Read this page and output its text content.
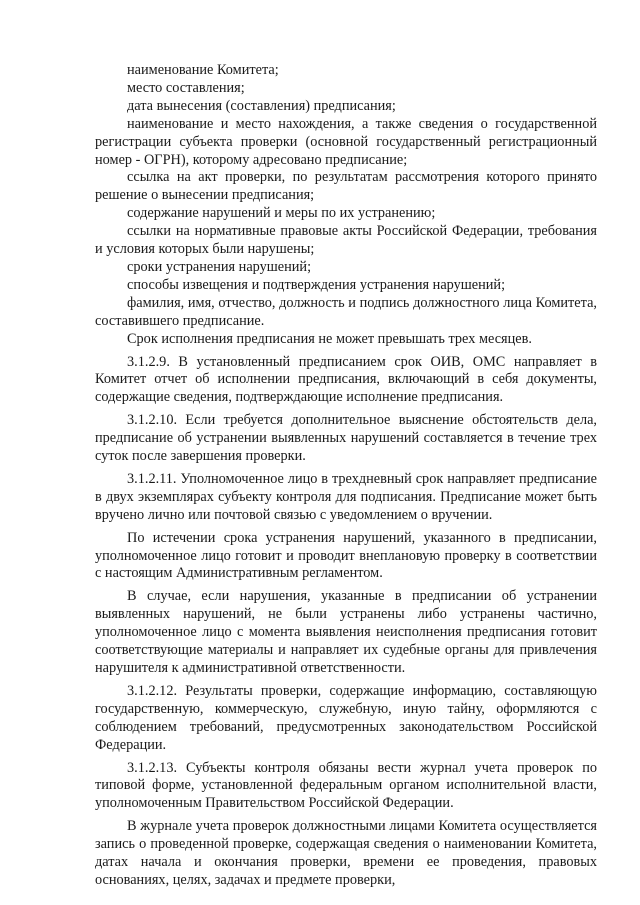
наименование Комитета;

место составления;

дата вынесения (составления) предписания;

наименование и место нахождения, а также сведения о государственной регистрации субъекта проверки (основной государственный регистрационный номер - ОГРН), которому адресовано предписание;

ссылка на акт проверки, по результатам рассмотрения которого принято решение о вынесении предписания;

содержание нарушений и меры по их устранению;

ссылки на нормативные правовые акты Российской Федерации, требования и условия которых были нарушены;

сроки устранения нарушений;

способы извещения и подтверждения устранения нарушений;

фамилия, имя, отчество, должность и подпись должностного лица Комитета, составившего предписание.

Срок исполнения предписания не может превышать трех месяцев.

3.1.2.9. В установленный предписанием срок ОИВ, ОМС направляет в Комитет отчет об исполнении предписания, включающий в себя документы, содержащие сведения, подтверждающие исполнение предписания.

3.1.2.10. Если требуется дополнительное выяснение обстоятельств дела, предписание об устранении выявленных нарушений составляется в течение трех суток после завершения проверки.

3.1.2.11. Уполномоченное лицо в трехдневный срок направляет предписание в двух экземплярах субъекту контроля для подписания. Предписание может быть вручено лично или почтовой связью с уведомлением о вручении.

По истечении срока устранения нарушений, указанного в предписании, уполномоченное лицо готовит и проводит внеплановую проверку в соответствии с настоящим Административным регламентом.

В случае, если нарушения, указанные в предписании об устранении выявленных нарушений, не были устранены либо устранены частично, уполномоченное лицо с момента выявления неисполнения предписания готовит соответствующие материалы и направляет их судебные органы для привлечения нарушителя к административной ответственности.

3.1.2.12. Результаты проверки, содержащие информацию, составляющую государственную, коммерческую, служебную, иную тайну, оформляются с соблюдением требований, предусмотренных законодательством Российской Федерации.

3.1.2.13. Субъекты контроля обязаны вести журнал учета проверок по типовой форме, установленной федеральным органом исполнительной власти, уполномоченным Правительством Российской Федерации.

В журнале учета проверок должностными лицами Комитета осуществляется запись о проведенной проверке, содержащая сведения о наименовании Комитета, датах начала и окончания проверки, времени ее проведения, правовых основаниях, целях, задачах и предмете проверки,
